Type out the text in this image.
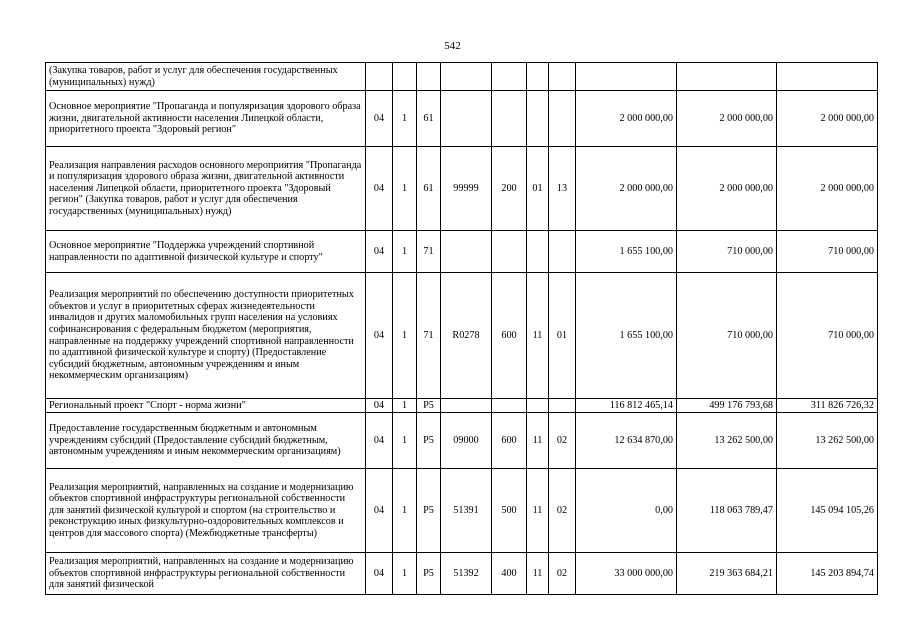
542
(Закупка товаров, работ и услуг для обеспечения государственных (муниципальных) нужд)										
Основное мероприятие "Пропаганда и популяризация здорового образа жизни, двигательной активности населения Липецкой области, приоритетного проекта "Здоровый регион"	04	1	61					2 000 000,00	2 000 000,00	2 000 000,00
Реализация направления расходов основного мероприятия "Пропаганда и популяризация здорового образа жизни, двигательной активности населения Липецкой области, приоритетного проекта "Здоровый регион" (Закупка товаров, работ и услуг для обеспечения государственных (муниципальных) нужд)	04	1	61	99999	200	01	13	2 000 000,00	2 000 000,00	2 000 000,00
Основное мероприятие "Поддержка учреждений спортивной направленности по адаптивной физической культуре и спорту"	04	1	71					1 655 100,00	710 000,00	710 000,00
Реализация мероприятий по обеспечению доступности приоритетных объектов и услуг в приоритетных сферах жизнедеятельности инвалидов и других маломобильных групп населения на условиях софинансирования с федеральным бюджетом (мероприятия, направленные на поддержку учреждений спортивной направленности по адаптивной физической культуре и спорту) (Предоставление субсидий бюджетным, автономным учреждениям и иным некоммерческим организациям)	04	1	71	R0278	600	11	01	1 655 100,00	710 000,00	710 000,00
Региональный проект "Спорт - норма жизни"	04	1	P5					116 812 465,14	499 176 793,68	311 826 726,32
Предоставление государственным бюджетным и автономным учреждениям субсидий (Предоставление субсидий бюджетным, автономным учреждениям и иным некоммерческим организациям)	04	1	P5	09000	600	11	02	12 634 870,00	13 262 500,00	13 262 500,00
Реализация мероприятий, направленных на создание и модернизацию объектов спортивной инфраструктуры региональной собственности для занятий физической культурой и спортом (на строительство и реконструкцию иных физкультурно-оздоровительных комплексов и центров для массового спорта) (Межбюджетные трансферты)	04	1	P5	51391	500	11	02	0,00	118 063 789,47	145 094 105,26
Реализация мероприятий, направленных на создание и модернизацию объектов спортивной инфраструктуры региональной собственности для занятий физической	04	1	P5	51392	400	11	02	33 000 000,00	219 363 684,21	145 203 894,74
